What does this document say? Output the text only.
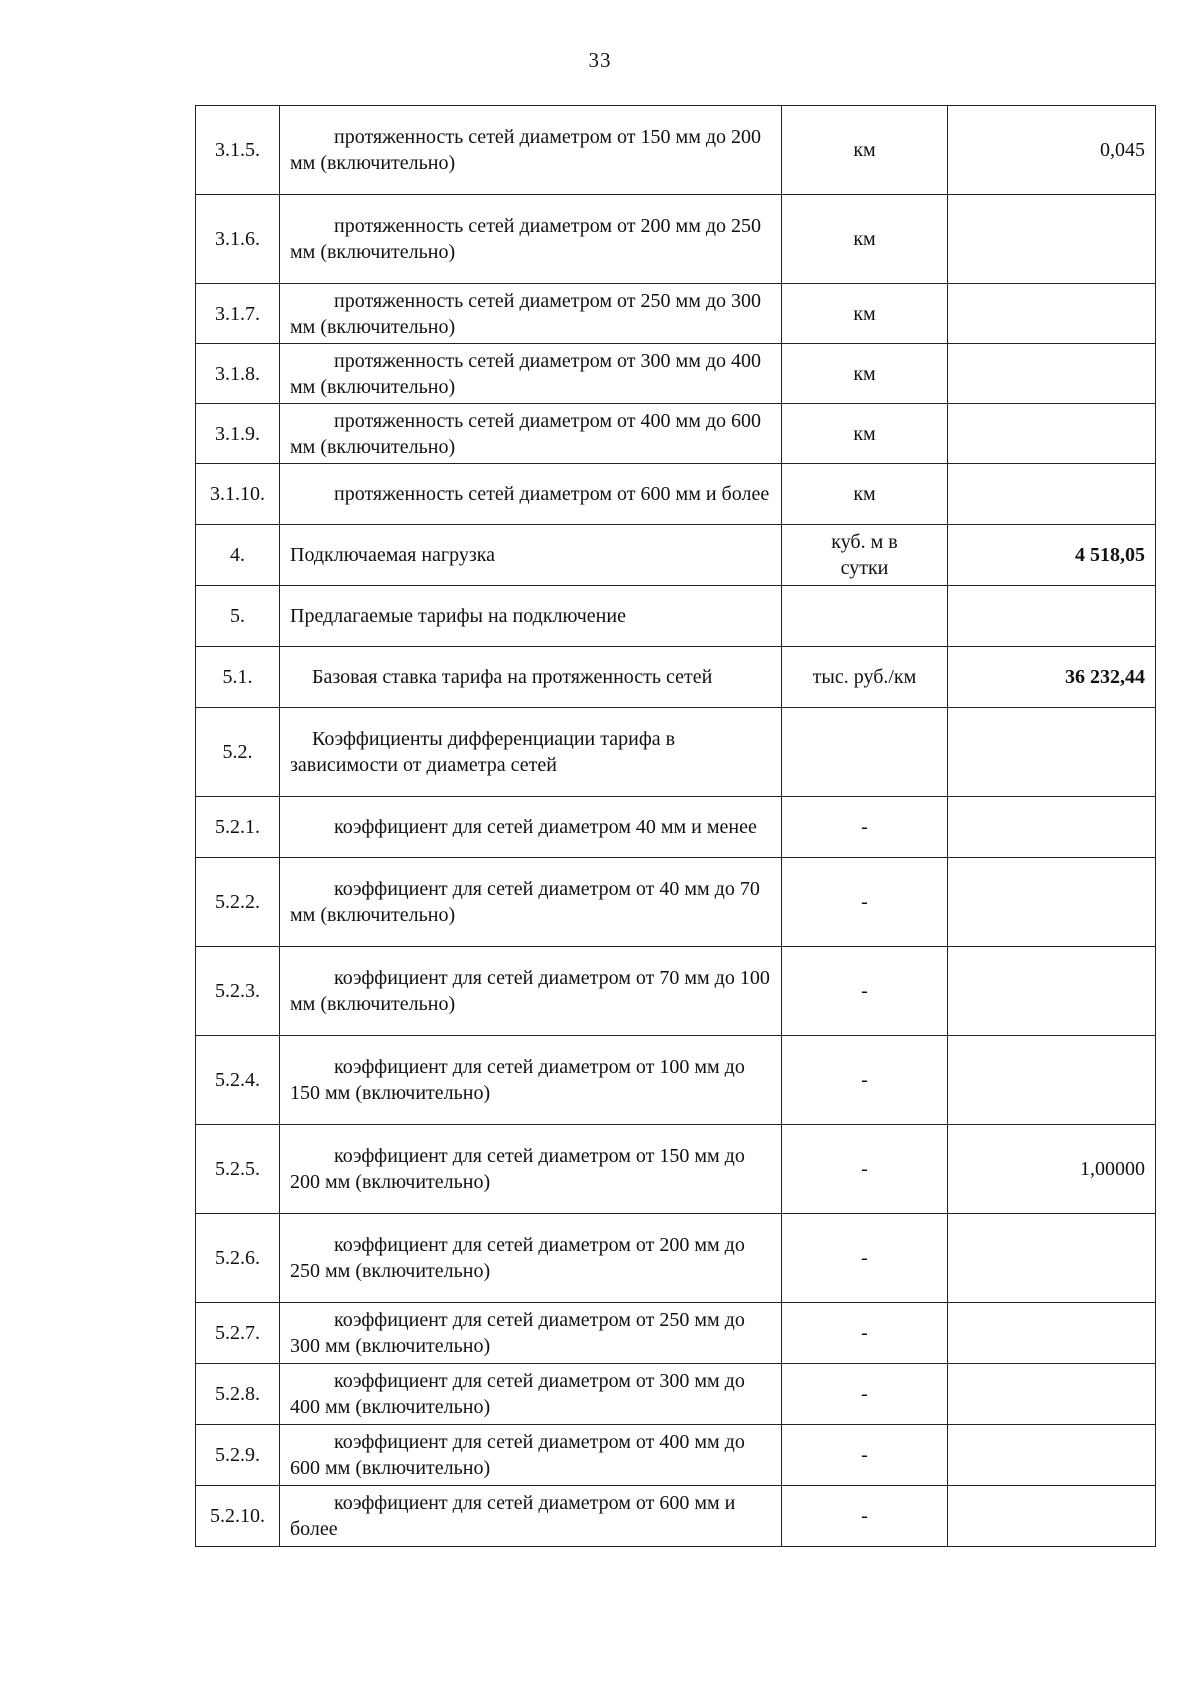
33
3.1.5.	протяженность сетей диаметром от 150 мм до 200 мм (включительно)	км	0,045
3.1.6.	протяженность сетей диаметром от 200 мм до 250 мм (включительно)	км	
3.1.7.	протяженность сетей диаметром от 250 мм до 300 мм (включительно)	км	
3.1.8.	протяженность сетей диаметром от 300 мм до 400 мм (включительно)	км	
3.1.9.	протяженность сетей диаметром от 400 мм до 600 мм (включительно)	км	
3.1.10.	протяженность сетей диаметром от 600 мм и более	км	
4.	Подключаемая нагрузка	куб. м в сутки	4 518,05
5.	Предлагаемые тарифы на подключение		
5.1.	Базовая ставка тарифа на протяженность сетей	тыс. руб./км	36 232,44
5.2.	Коэффициенты дифференциации тарифа в зависимости от диаметра сетей		
5.2.1.	коэффициент для сетей диаметром 40 мм и менее	-	
5.2.2.	коэффициент для сетей диаметром от 40 мм до 70 мм (включительно)	-	
5.2.3.	коэффициент для сетей диаметром от 70 мм до 100 мм (включительно)	-	
5.2.4.	коэффициент для сетей диаметром от 100 мм до 150 мм (включительно)	-	
5.2.5.	коэффициент для сетей диаметром от 150 мм до 200 мм (включительно)	-	1,00000
5.2.6.	коэффициент для сетей диаметром от 200 мм до 250 мм (включительно)	-	
5.2.7.	коэффициент для сетей диаметром от 250 мм до 300 мм (включительно)	-	
5.2.8.	коэффициент для сетей диаметром от 300 мм до 400 мм (включительно)	-	
5.2.9.	коэффициент для сетей диаметром от 400 мм до 600 мм (включительно)	-	
5.2.10.	коэффициент для сетей диаметром от 600 мм и более	-	
